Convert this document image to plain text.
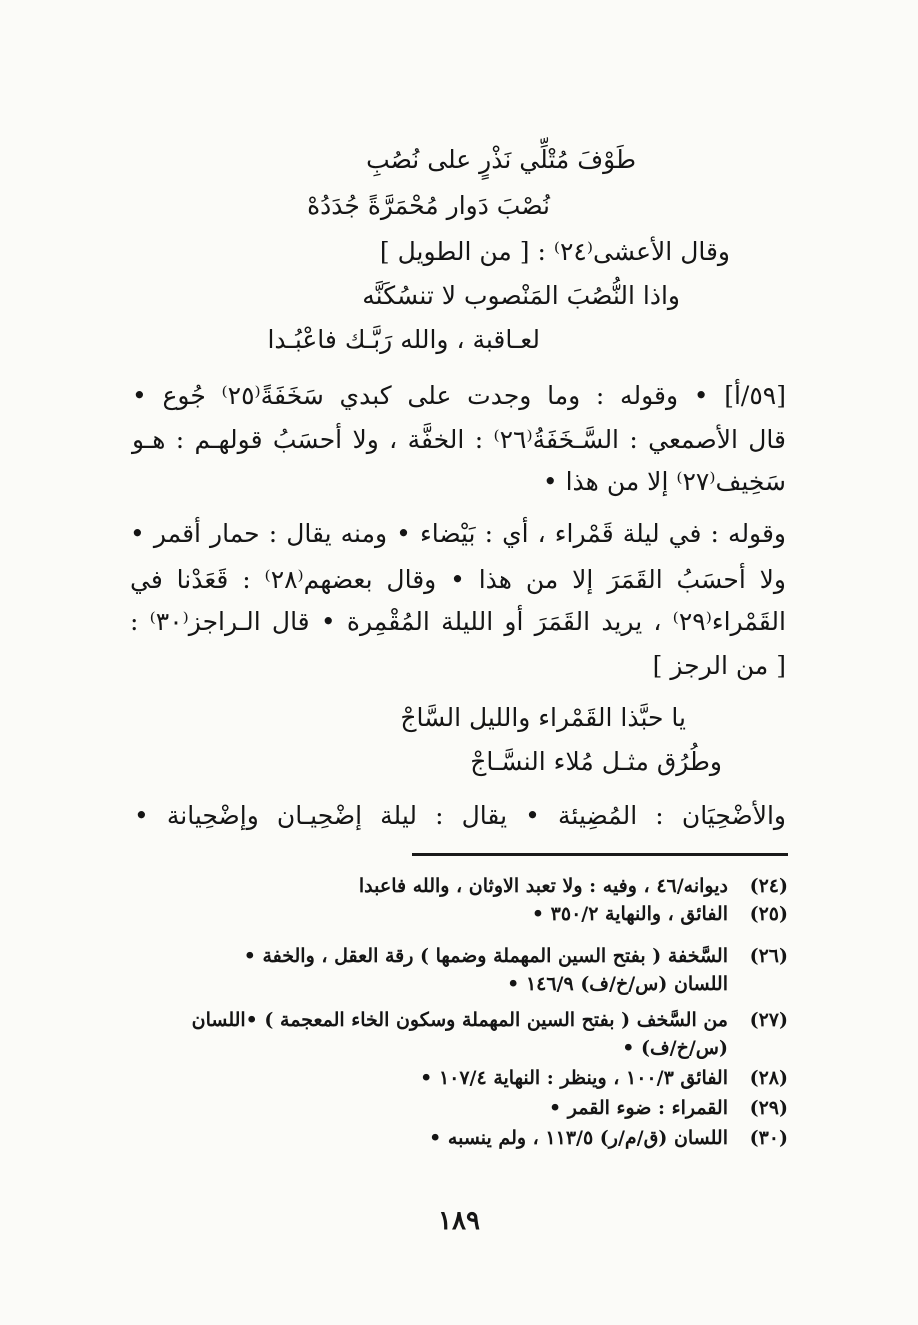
طَوْفَ مُتْلِّي نَذْرٍ على نُصُبِ
نُصْبَ دَوار مُحْمَرَّةً جُدَدُهْ
وقال الأعشى⁽٢٤⁾ : [ من الطويل ]
واذا النُّصُبَ المَنْصوب لا تنسُكَنَّه
لعـاقبة ، والله رَبَّـك فاعْبُـدا
[٥٩/أ] • وقوله : وما وجدت على كبدي سَخَفَةً⁽٢٥⁾ جُوع •
قال الأصمعي : السَّـخَفَةُ⁽٢٦⁾ : الخفَّة ، ولا أحسَبُ قولهـم : هـو
سَخِيف⁽٢٧⁾ إلا من هذا •
وقوله : في ليلة قَمْراء ، أي : بَيْضاء • ومنه يقال : حمار أقمر •
ولا أحسَبُ القَمَرَ إلا من هذا • وقال بعضهم⁽٢٨⁾ : قَعَدْنا في
القَمْراء⁽٢٩⁾ ، يريد القَمَرَ أو الليلة المُقْمِرة • قال الـراجز⁽٣٠⁾ :
[ من الرجز ]
يا حبَّذا القَمْراء والليل السَّاجْ
وطُرُق مثـل مُلاء النسَّـاجْ
والأضْحِيَان : المُضِيئة • يقال : ليلة إضْحِيـان وإضْحِيانة •
(٢٤)ديوانه/٤٦ ، وفيه : ولا تعبد الاوثان ، والله فاعبدا
(٢٥)الفائق ، والنهاية ٣٥٠/٢ •
(٢٦)السَّخفة ( بفتح السين المهملة وضمها ) رقة العقل ، والخفة •
اللسان (س/خ/ف) ١٤٦/٩ •
(٢٧)من السَّخف ( بفتح السين المهملة وسكون الخاء المعجمة ) •اللسان
(س/خ/ف) •
(٢٨)الفائق ١٠٠/٣ ، وينظر : النهاية ١٠٧/٤ •
(٢٩)القمراء : ضوء القمر •
(٣٠)اللسان (ق/م/ر) ١١٣/٥ ، ولم ينسبه •
١٨٩
